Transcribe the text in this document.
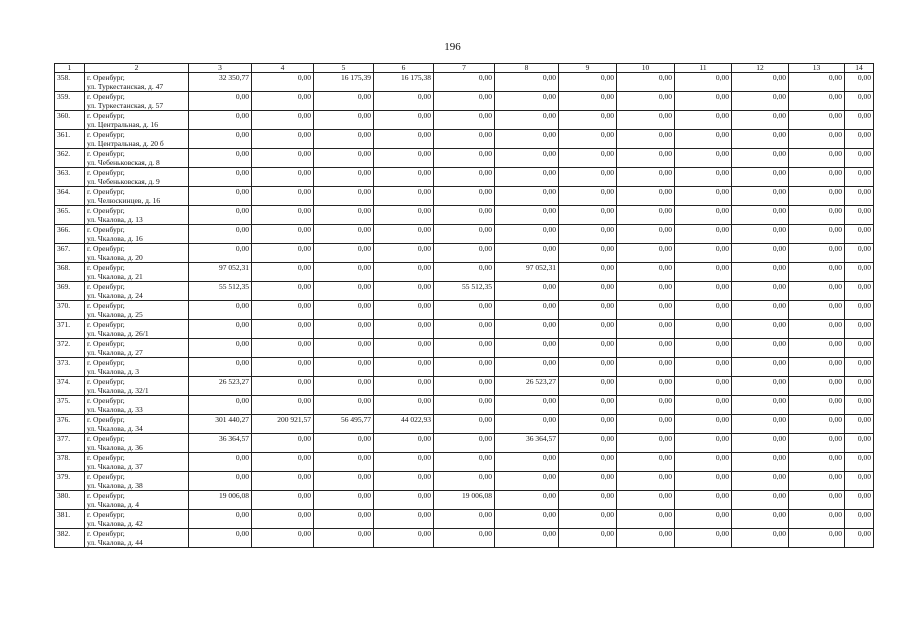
196
1	2	3	4	5	6	7	8	9	10	11	12	13	14
358.	г. Оренбург,
ул. Туркестанская, д. 47	32 350,77	0,00	16 175,39	16 175,38	0,00	0,00	0,00	0,00	0,00	0,00	0,00	0,00
359.	г. Оренбург,
ул. Туркестанская, д. 57	0,00	0,00	0,00	0,00	0,00	0,00	0,00	0,00	0,00	0,00	0,00	0,00
360.	г. Оренбург,
ул. Центральная, д. 16	0,00	0,00	0,00	0,00	0,00	0,00	0,00	0,00	0,00	0,00	0,00	0,00
361.	г. Оренбург,
ул. Центральная, д. 20 б	0,00	0,00	0,00	0,00	0,00	0,00	0,00	0,00	0,00	0,00	0,00	0,00
362.	г. Оренбург,
ул. Чебеньковская, д. 8	0,00	0,00	0,00	0,00	0,00	0,00	0,00	0,00	0,00	0,00	0,00	0,00
363.	г. Оренбург,
ул. Чебеньковская, д. 9	0,00	0,00	0,00	0,00	0,00	0,00	0,00	0,00	0,00	0,00	0,00	0,00
364.	г. Оренбург,
ул. Челюскинцев, д. 16	0,00	0,00	0,00	0,00	0,00	0,00	0,00	0,00	0,00	0,00	0,00	0,00
365.	г. Оренбург,
ул. Чкалова, д. 13	0,00	0,00	0,00	0,00	0,00	0,00	0,00	0,00	0,00	0,00	0,00	0,00
366.	г. Оренбург,
ул. Чкалова, д. 16	0,00	0,00	0,00	0,00	0,00	0,00	0,00	0,00	0,00	0,00	0,00	0,00
367.	г. Оренбург,
ул. Чкалова, д. 20	0,00	0,00	0,00	0,00	0,00	0,00	0,00	0,00	0,00	0,00	0,00	0,00
368.	г. Оренбург,
ул. Чкалова, д. 21	97 052,31	0,00	0,00	0,00	0,00	97 052,31	0,00	0,00	0,00	0,00	0,00	0,00
369.	г. Оренбург,
ул. Чкалова, д. 24	55 512,35	0,00	0,00	0,00	55 512,35	0,00	0,00	0,00	0,00	0,00	0,00	0,00
370.	г. Оренбург,
ул. Чкалова, д. 25	0,00	0,00	0,00	0,00	0,00	0,00	0,00	0,00	0,00	0,00	0,00	0,00
371.	г. Оренбург,
ул. Чкалова, д. 26/1	0,00	0,00	0,00	0,00	0,00	0,00	0,00	0,00	0,00	0,00	0,00	0,00
372.	г. Оренбург,
ул. Чкалова, д. 27	0,00	0,00	0,00	0,00	0,00	0,00	0,00	0,00	0,00	0,00	0,00	0,00
373.	г. Оренбург,
ул. Чкалова, д. 3	0,00	0,00	0,00	0,00	0,00	0,00	0,00	0,00	0,00	0,00	0,00	0,00
374.	г. Оренбург,
ул. Чкалова, д. 32/1	26 523,27	0,00	0,00	0,00	0,00	26 523,27	0,00	0,00	0,00	0,00	0,00	0,00
375.	г. Оренбург,
ул. Чкалова, д. 33	0,00	0,00	0,00	0,00	0,00	0,00	0,00	0,00	0,00	0,00	0,00	0,00
376.	г. Оренбург,
ул. Чкалова, д. 34	301 440,27	200 921,57	56 495,77	44 022,93	0,00	0,00	0,00	0,00	0,00	0,00	0,00	0,00
377.	г. Оренбург,
ул. Чкалова, д. 36	36 364,57	0,00	0,00	0,00	0,00	36 364,57	0,00	0,00	0,00	0,00	0,00	0,00
378.	г. Оренбург,
ул. Чкалова, д. 37	0,00	0,00	0,00	0,00	0,00	0,00	0,00	0,00	0,00	0,00	0,00	0,00
379.	г. Оренбург,
ул. Чкалова, д. 38	0,00	0,00	0,00	0,00	0,00	0,00	0,00	0,00	0,00	0,00	0,00	0,00
380.	г. Оренбург,
ул. Чкалова, д. 4	19 006,08	0,00	0,00	0,00	19 006,08	0,00	0,00	0,00	0,00	0,00	0,00	0,00
381.	г. Оренбург,
ул. Чкалова, д. 42	0,00	0,00	0,00	0,00	0,00	0,00	0,00	0,00	0,00	0,00	0,00	0,00
382.	г. Оренбург,
ул. Чкалова, д. 44	0,00	0,00	0,00	0,00	0,00	0,00	0,00	0,00	0,00	0,00	0,00	0,00
